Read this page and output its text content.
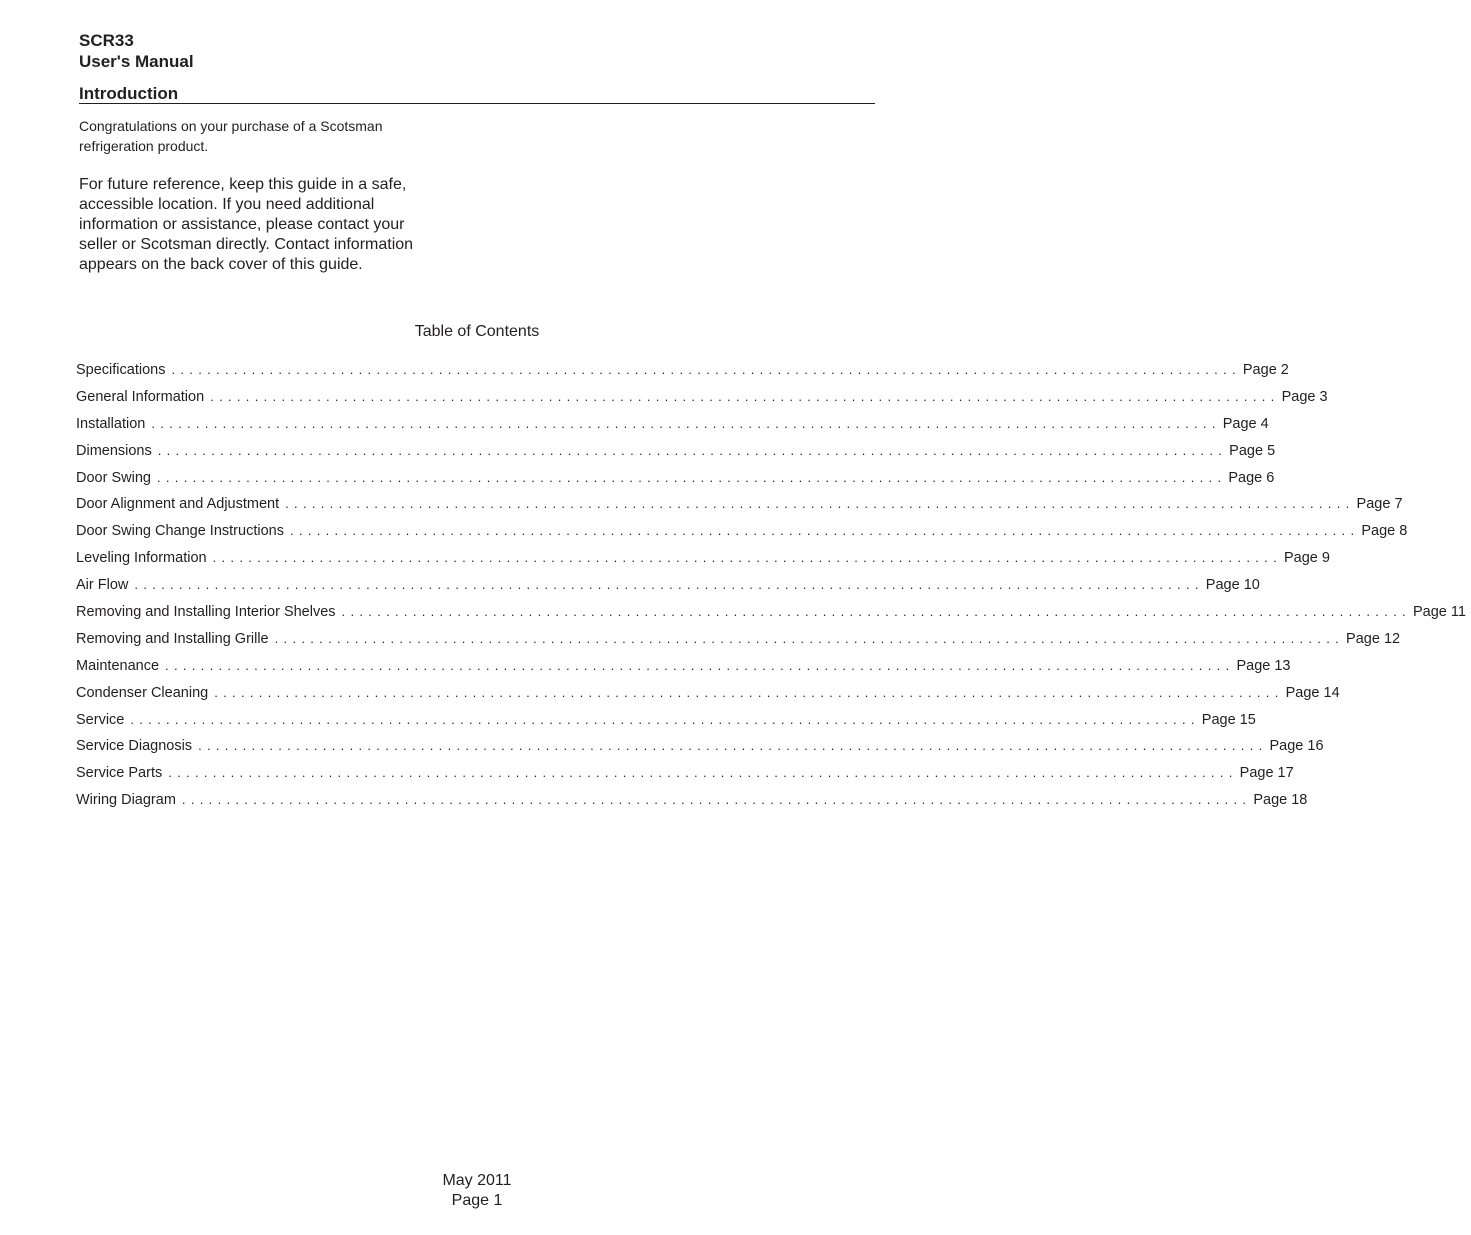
SCR33
User's Manual
Introduction
Congratulations on your purchase of a Scotsman
refrigeration product.
For future reference, keep this guide in a safe,
accessible location. If you need additional
information or assistance, please contact your
seller or Scotsman directly. Contact information
appears on the back cover of this guide.
Table of Contents
Specifications ........................................................................................................................ Page 2
General Information ........................................................................................................................ Page 3
Installation ........................................................................................................................ Page 4
Dimensions ........................................................................................................................ Page 5
Door Swing ........................................................................................................................ Page 6
Door Alignment and Adjustment ........................................................................................................................ Page 7
Door Swing Change Instructions ........................................................................................................................ Page 8
Leveling Information ........................................................................................................................ Page 9
Air Flow ........................................................................................................................ Page 10
Removing and Installing Interior Shelves ........................................................................................................................ Page 11
Removing and Installing Grille ........................................................................................................................ Page 12
Maintenance ........................................................................................................................ Page 13
Condenser Cleaning ........................................................................................................................ Page 14
Service ........................................................................................................................ Page 15
Service Diagnosis ........................................................................................................................ Page 16
Service Parts ........................................................................................................................ Page 17
Wiring Diagram ........................................................................................................................ Page 18
May 2011
Page 1
